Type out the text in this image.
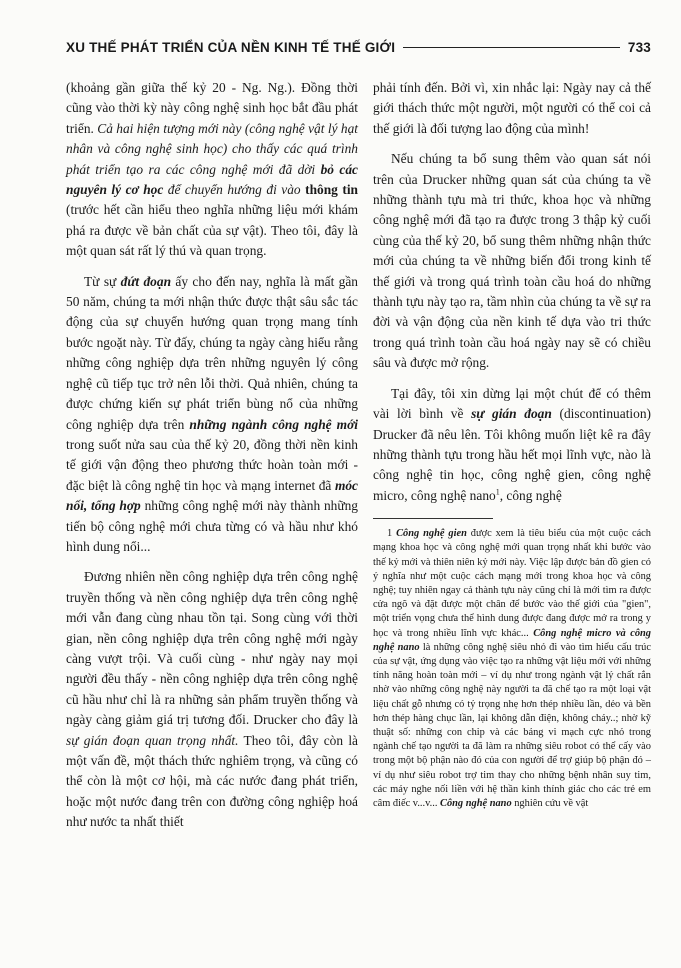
XU THẾ PHÁT TRIỂN CỦA NỀN KINH TẾ THẾ GIỚI	733

(khoảng gần giữa thế kỷ 20 - Ng. Ng.). Đồng thời cũng vào thời kỳ này công nghệ sinh học bắt đầu phát triển. Cả hai hiện tượng mới này (công nghệ vật lý hạt nhân và công nghệ sinh học) cho thấy các quá trình phát triển tạo ra các công nghệ mới đã dời bỏ các nguyên lý cơ học để chuyển hướng đi vào thông tin (trước hết cần hiểu theo nghĩa những liệu mới khám phá ra được về bản chất của sự vật). Theo tôi, đây là một quan sát rất lý thú và quan trọng.

Từ sự đứt đoạn ấy cho đến nay, nghĩa là mất gần 50 năm, chúng ta mới nhận thức được thật sâu sắc tác động của sự chuyển hướng quan trọng mang tính bước ngoặt này. Từ đấy, chúng ta ngày càng hiểu rằng những công nghiệp dựa trên những nguyên lý công nghệ cũ tiếp tục trở nên lỗi thời. Quả nhiên, chúng ta được chứng kiến sự phát triển bùng nổ của những công nghiệp dựa trên những ngành công nghệ mới trong suốt nửa sau của thế kỷ 20, đồng thời nền kinh tế giới vận động theo phương thức hoàn toàn mới - đặc biệt là công nghệ tin học và mạng internet đã móc nối, tổng hợp những công nghệ mới này thành những tiến bộ công nghệ mới chưa từng có và hầu như khó hình dung nổi...

Đương nhiên nền công nghiệp dựa trên công nghệ truyền thống và nền công nghiệp dựa trên công nghệ mới vẫn đang cùng nhau tồn tại. Song cùng với thời gian, nền công nghiệp dựa trên công nghệ mới ngày càng vượt trội. Và cuối cùng - như ngày nay mọi người đều thấy - nền công nghiệp dựa trên công nghệ cũ hầu như chỉ là ra những sản phẩm truyền thống và ngày càng giảm giá trị tương đối. Drucker cho đây là sự gián đoạn quan trọng nhất. Theo tôi, đây còn là một vấn đề, một thách thức nghiêm trọng, và cũng có thể còn là một cơ hội, mà các nước đang phát triển, hoặc một nước đang trên con đường công nghiệp hoá như nước ta nhất thiết

phải tính đến. Bởi vì, xin nhắc lại: Ngày nay cả thế giới thách thức một người, một người có thể coi cả thế giới là đối tượng lao động của mình!

Nếu chúng ta bổ sung thêm vào quan sát nói trên của Drucker những quan sát của chúng ta về những thành tựu mà tri thức, khoa học và những công nghệ mới đã tạo ra được trong 3 thập kỷ cuối cùng của thế kỷ 20, bổ sung thêm những nhận thức mới của chúng ta về những biến đổi trong kinh tế thế giới và trong quá trình toàn cầu hoá do những thành tựu này tạo ra, tầm nhìn của chúng ta về sự ra đời và vận động của nền kinh tế dựa vào tri thức trong quá trình toàn cầu hoá ngày nay sẽ có chiều sâu và được mở rộng.

Tại đây, tôi xin dừng lại một chút để có thêm vài lời bình về sự gián đoạn (discontinuation) Drucker đã nêu lên. Tôi không muốn liệt kê ra đây những thành tựu trong hầu hết mọi lĩnh vực, nào là công nghệ tin học, công nghệ gien, công nghệ micro, công nghệ nano$^1$, công nghệ

1 Công nghệ gien được xem là tiêu biểu của một cuộc cách mạng khoa học và công nghệ mới quan trọng nhất khi bước vào thế kỷ mới và thiên niên kỷ mới này. Việc lập được bản đồ gien có ý nghĩa như một cuộc cách mạng mới trong khoa học và công nghệ; tuy nhiên ngay cả thành tựu này cũng chỉ là mới tìm ra được cửa ngõ và đặt được một chân để bước vào thế giới của "gien", một triển vọng chưa thể hình dung được đang được mở ra trong y học và trong nhiều lĩnh vực khác... Công nghệ micro và công nghệ nano là những công nghệ siêu nhỏ đi vào tìm hiểu cấu trúc của sự vật, ứng dụng vào việc tạo ra những vật liệu mới với những tính năng hoàn toàn mới – ví dụ như trong ngành vật lý chất rắn nhờ vào những công nghệ này người ta đã chế tạo ra một loại vật liệu chất gỗ nhưng có tỷ trọng nhẹ hơn thép nhiều lần, dẻo và bền hơn thép hàng chục lần, lại không dẫn điện, không cháy..; nhờ kỹ thuật số: những con chip và các bảng vi mạch cực nhỏ trong ngành chế tạo người ta đã làm ra những siêu robot có thể cấy vào trong một bộ phận nào đó của con người để trợ giúp bộ phận đó – ví dụ như siêu robot trợ tim thay cho những bệnh nhân suy tim, các máy nghe nối liền với hệ thần kinh thính giác cho các trẻ em câm điếc v...v... Công nghệ nano nghiên cứu về vật
